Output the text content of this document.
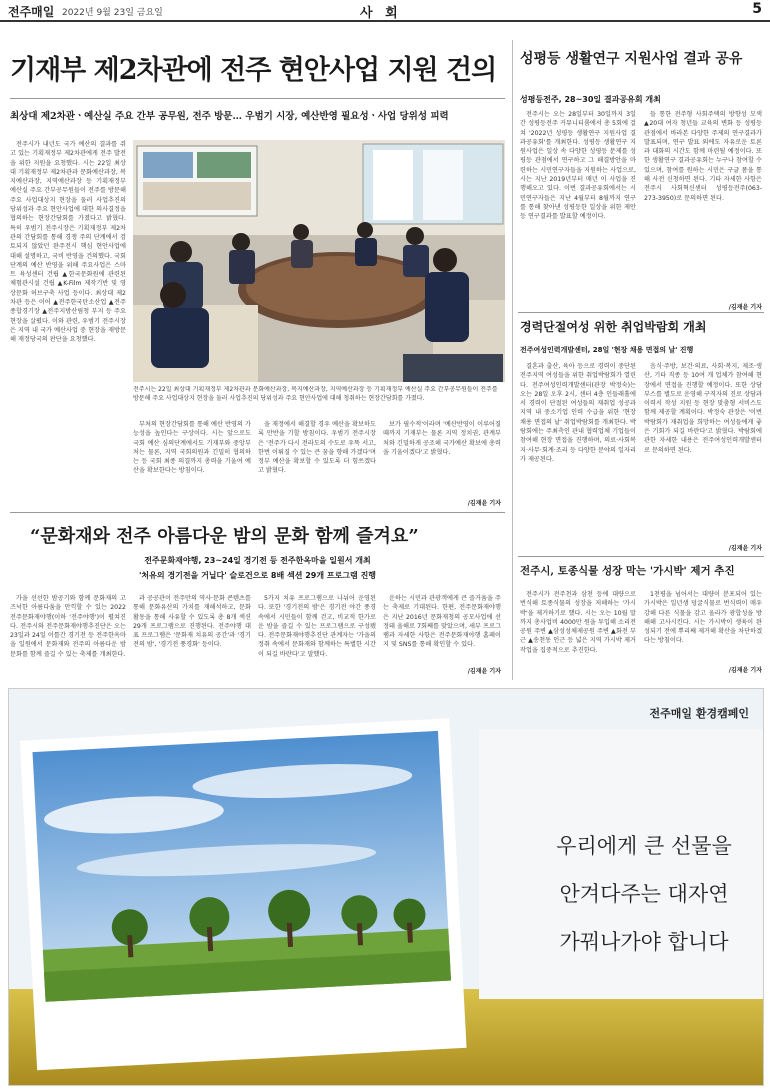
전주매일 2022년 9월 23일 금요일	사 회	5
기재부 제2차관에 전주 현안사업 지원 건의
최상대 제2차관ㆍ예산실 주요 간부 공무원, 전주 방문… 우범기 시장, 예산반영 필요성ㆍ사업 당위성 피력

전주시가 내년도 국가 예산의 결과를 쥐고 있는 기획재정부 제2차관에게 전주 발전을 위한 지원을 요청했다. 시는 22일 최상대 기획재정부 제2차관과 문화예산과장, 복지예산과장, 지역예산과장 등 기획재정부 예산실 주요 간부공무원들이 전주를 방문해 주요 사업대상지 현장을 둘러 사업추진의 당위성과 주요 현안사업에 대한 의사결정을 협의하는 현장간담회를 가졌다고 밝혔다. 특히 우범기 전주시장은 기획재정부 제2차관의 간담회를 통해 경쟁 주의 단계에서 검토되지 않았던 완주전시 핵심 현안사업에 대해 설명하고, 국비 반영을 건의했다. 국회 단계의 예산 반영을 위해 주요사업은 스마트 육성센터 건립 ▲한국문화원에 관련된 체험관시설 건립 ▲K-Film 제작기반 및 영상문화 허브구축 사업 등이다. 최상대 제2차관 등은 이어 ▲전주한국탄소산업 ▲전주종합경기장 ▲전주지방산림청 부지 등 주요 현장을 살폈다. 이와 관련, 우범기 전주시장은 지역 내 국가 예산사업 중 현장을 재방문해 재정당국의 판단을 요청했다.

전주시는 22일 최상대 기획재정부 제2차관과 문화예산과장, 복지예산과장, 지역예산과장 등 기획재정부 예산실 주요 간부공무원들이 전주를 방문해 주요 사업대상지 현장을 둘러 사업추진의 당위성과 주요 현안사업에 대해 청취하는 현장간담회를 가졌다.

부처의 현장간담회를 통해 예산 반영의 가능성을 높인다는 구상이다. 시는 앞으로도 국회 예산 심의단계에서도 기재부와 중앙부처는 물론, 지역 국회의원과 긴밀히 협의하는 등 국회 최종 의결까지 총력을 기울여 예산을 확보한다는 방침이다.

을 재정에서 해결할 경우 예산을 확보하도록 만반을 기할 방침이다. 우범기 전주시장은 '전주가 다시 전라도의 수도로 우뚝 서고, 한번 이뤄질 수 있는 큰 꿈을 향해 가겠다'며 정부 예산을 확보할 수 있도록 더 힘쓰겠다고 밝혔다.

보가 필수적'이라며 '예산반영이 이루어질 때까지 기재부는 물론 지역 정치권, 관계부처와 긴밀하게 공조해 국가예산 확보에 총력을 기울이겠다'고 밝혔다.

/김재윤 기자
성평등 생활연구 지원사업 결과 공유
성평등전주, 28~30일 결과공유회 개최

전주시는 오는 28일부터 30일까지 3일간 성평등전주 커뮤니티룸에서 총 5회에 걸쳐 '2022년 성평등 생활연구 지원사업 결과공유회'를 개최한다. 성평등 생활연구 지원사업은 일상 속 다양한 성평등 문제를 성평등 관점에서 연구하고 그 해결방안을 마련하는 시민연구자들을 지원하는 사업으로, 시는 지난 2019년부터 매년 이 사업을 진행해오고 있다. 이번 결과공유회에서는 시민연구자들은 지난 4월부터 8월까지 연구를 통해 찾아낸 성평등한 일상을 위한 제안 등 연구결과를 발표할 예정이다.

들 통한 전주형 사회주택의 방향성 모색 ▲20대 여자 청년들 교육의 변화 등 성평등 관점에서 바라본 다양한 주제의 연구결과가 발표되며, 연구 발표 외에도 자유로운 토론과 대화의 시간도 함께 마련될 예정이다. 또한 생활연구 결과공유회는 누구나 참여할 수 있으며, 참여를 원하는 시민은 구글 폼을 통해 사전 신청하면 된다. 기타 자세한 사항은 전주시 사회혁신센터 성평등전주(063-273-3950)로 문의하면 된다.

/김재윤 기자
경력단절여성 위한 취업박람회 개최
전주여성인력개발센터, 28일 '현장 채용 면접의 날' 진행

결혼과 출산, 육아 등으로 경력이 중단된 전주지역 여성들을 위한 취업박람회가 열린다. 전주여성인력개발센터(관장 박정숙)는 오는 28일 오후 2시, 센터 4층 인들래홀에서 경력이 단절된 여성들의 재취업 성공과 지역 내 중소기업 인력 수급을 위한 '현장 채용 면접의 날' 취업박람회를 개최한다. 박람회에는 주최측인 관내 협력업체 기업들이 참여해 현장 면접을 진행하며, 의료·사회복지·사무·회계·조리 등 다양한 분야의 일자리가 제공된다.

음식·주방, 보건·의료, 사회·복지, 제조·생산, 기타 직종 등 10여 개 업체가 참여해 현장에서 면접을 진행할 예정이다. 또한 상담 부스를 별도로 운영해 구직자의 진로 상담과 이력서 작성 지원 등 현장 맞춤형 서비스도 함께 제공할 계획이다. 박정숙 관장은 '이번 박람회가 재취업을 희망하는 여성들에게 좋은 기회가 되길 바란다'고 밝혔다. 박람회에 관한 자세한 내용은 전주여성인력개발센터로 문의하면 된다.

/김재윤 기자
전주시, 토종식물 성장 막는 '가시박' 제거 추진

전주시가 전주천과 삼천 등에 대량으로 번식해 토종식물의 성장을 저해하는 '가시박'을 제거하기로 했다. 시는 오는 10월 말까지 총사업비 4000만 원을 투입해 소리전공원 주변 ▲삼성성체제공원 주변 ▲화전 부근 ▲송천동 인근 등 넓은 지역 가시박 제거작업을 집중적으로 추진한다.

1천평을 넘어서는 대량이 분포되어 있는 가시박은 일년생 덩굴식물로 번식력이 매우 강해 다른 식물을 감고 올라가 광합성을 방해해 고사시킨다. 시는 가시박이 생육이 완성되기 전에 뿌리째 제거해 확산을 차단하겠다는 방침이다.

/김재윤 기자
“문화재와 전주 아름다운 밤의 문화 함께 즐겨요”
전주문화재야행, 23~24일 경기전 등 전주한옥마을 일원서 개최
'처유의 경기전을 거닐다' 슬로건으로 8배 섹션 29개 프로그램 진행

가을 선선한 밤공기와 함께 문화재의 고즈넉한 아름다움을 만끽할 수 있는 2022 전주문화재야행(이하 '전주야행')이 펼쳐진다. 전주시와 전주문화재야행추진단은 오는 23일과 24일 이틀간 경기전 등 전주한옥마을 일원에서 문화재와 전주의 아름다운 밤 문화를 함께 즐길 수 있는 축제를 개최한다.

과 공공관이 전주만의 역사·문화 콘텐츠를 통해 문화유산의 가치를 재해석하고, 문화 활동을 통해 사유할 수 있도록 총 8개 섹션 29개 프로그램으로 진행된다. 전주야행 대표 프로그램은 '문화재 치유의 공간'과 '경기전의 밤', '경기전 풍경화' 등이다.

5가지 치유 프로그램으로 나뉘어 운영된다. 또한 '경기전의 밤'은 경기전 야간 풍경 속에서 시민들이 함께 걷고, 비교적 한가로운 밤을 즐길 수 있는 프로그램으로 구성됐다. 전주문화재야행추진단 관계자는 '가을의 정취 속에서 문화재와 함께하는 특별한 시간이 되길 바란다'고 말했다.

운하는 시민과 관광객에게 큰 즐거움을 주는 축제로 기대된다. 한편, 전주문화재야행은 지난 2016년 문화재청의 공모사업에 선정돼 올해로 7회째를 맞았으며, 세부 프로그램과 자세한 사항은 전주문화재야행 홈페이지 및 SNS를 통해 확인할 수 있다.

/김재윤 기자
전주매일 환경캠페인
우리에게 큰 선물을
안겨다주는 대자연
가꿔나가야 합니다
